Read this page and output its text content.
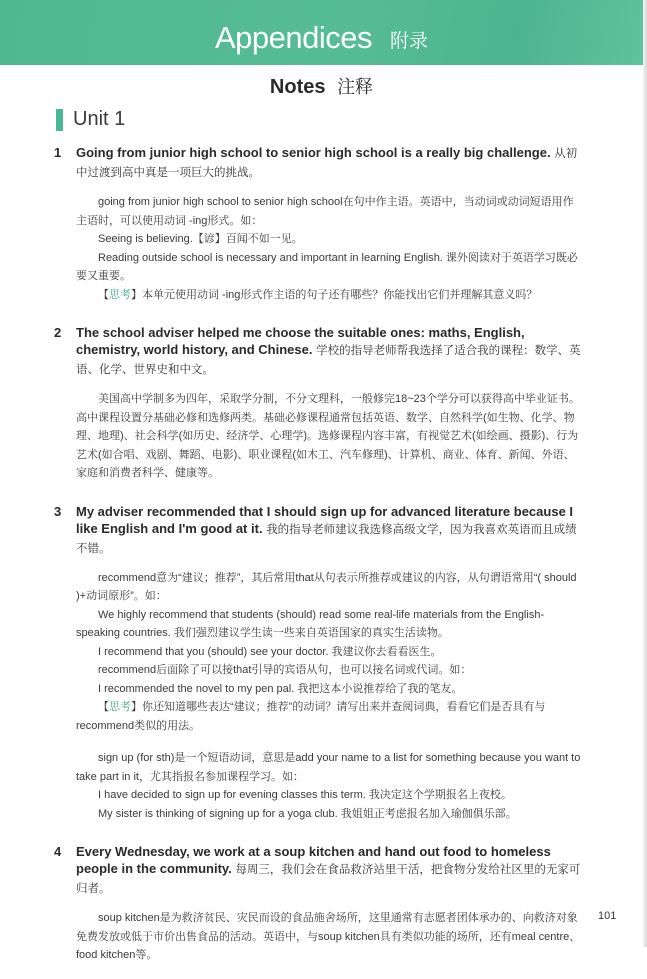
Appendices 附录
Notes 注释
Unit 1
1	Going from junior high school to senior high school is a really big challenge. 从初中过渡到高中真是一项巨大的挑战。

going from junior high school to senior high school在句中作主语。英语中，当动词或动词短语用作主语时，可以使用动词 -ing形式。如：

Seeing is believing.【谚】百闻不如一见。

Reading outside school is necessary and important in learning English. 课外阅读对于英语学习既必要又重要。

【思考】本单元使用动词 -ing形式作主语的句子还有哪些？你能找出它们并理解其意义吗？

2	The school adviser helped me choose the suitable ones: maths, English, chemistry, world history, and Chinese. 学校的指导老师帮我选择了适合我的课程：数学、英语、化学、世界史和中文。

美国高中学制多为四年，采取学分制，不分文理科，一般修完18~23个学分可以获得高中毕业证书。高中课程设置分基础必修和选修两类。基础必修课程通常包括英语、数学、自然科学(如生物、化学、物理、地理)、社会科学(如历史、经济学、心理学)。选修课程内容丰富，有视觉艺术(如绘画、摄影)、行为艺术(如合唱、戏剧、舞蹈、电影)、职业课程(如木工、汽车修理)、计算机、商业、体育、新闻、外语、家庭和消费者科学、健康等。

3	My adviser recommended that I should sign up for advanced literature because I like English and I'm good at it. 我的指导老师建议我选修高级文学，因为我喜欢英语而且成绩不错。

recommend意为“建议；推荐”，其后常用that从句表示所推荐或建议的内容，从句谓语常用“( should )+动词原形”。如：

We highly recommend that students (should) read some real-life materials from the English-speaking countries. 我们强烈建议学生读一些来自英语国家的真实生活读物。

I recommend that you (should) see your doctor. 我建议你去看看医生。

recommend后面除了可以接that引导的宾语从句，也可以接名词或代词。如：

I recommended the novel to my pen pal. 我把这本小说推荐给了我的笔友。

【思考】你还知道哪些表达“建议；推荐”的动词？请写出来并查阅词典，看看它们是否具有与recommend类似的用法。

sign up (for sth)是一个短语动词，意思是add your name to a list for something because you want to take part in it，尤其指报名参加课程学习。如：

I have decided to sign up for evening classes this term. 我决定这个学期报名上夜校。

My sister is thinking of signing up for a yoga club. 我姐姐正考虑报名加入瑜伽俱乐部。

4	Every Wednesday, we work at a soup kitchen and hand out food to homeless people in the community. 每周三，我们会在食品救济站里干活，把食物分发给社区里的无家可归者。

soup kitchen是为救济贫民、灾民而设的食品施舍场所，这里通常有志愿者团体承办的、向救济对象免费发放或低于市价出售食品的活动。英语中，与soup kitchen具有类似功能的场所，还有meal centre、food kitchen等。

101
